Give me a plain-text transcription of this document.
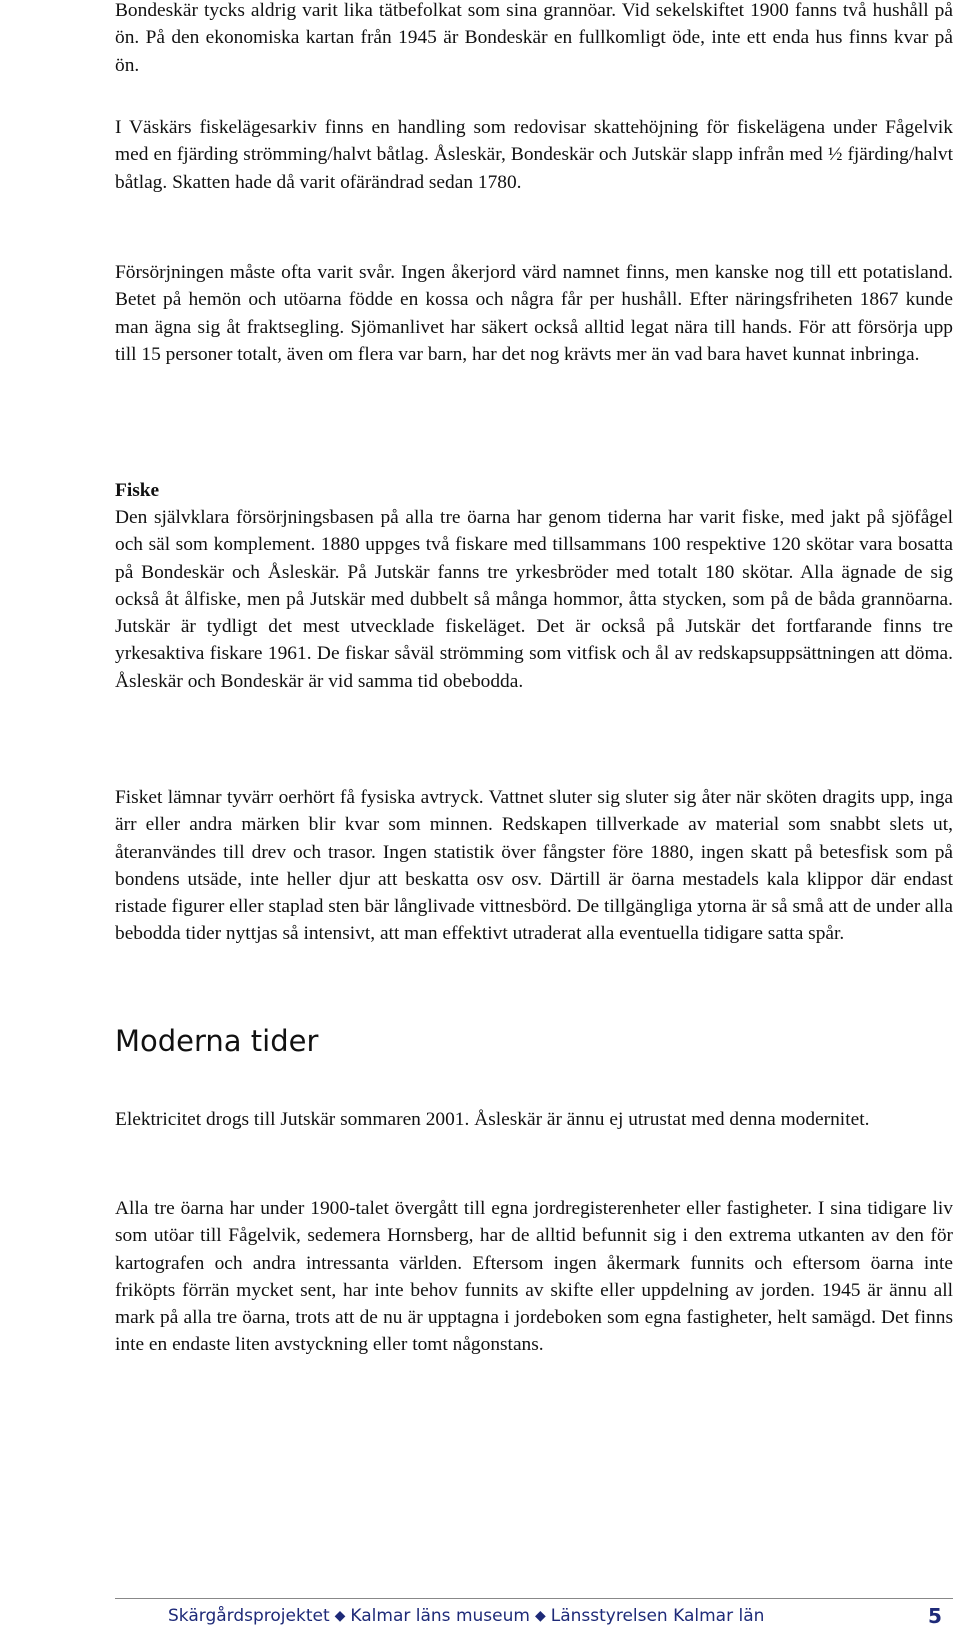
Bondeskär tycks aldrig varit lika tätbefolkat som sina grannöar. Vid sekelskiftet 1900 fanns två hushåll på ön. På den ekonomiska kartan från 1945 är Bondeskär en fullkomligt öde, inte ett enda hus finns kvar på ön.

I Väskärs fiskelägesarkiv finns en handling som redovisar skattehöjning för fiskelägena under Fågelvik med en fjärding strömming/halvt båtlag. Åsleskär, Bondeskär och Jutskär slapp infrån med ½ fjärding/halvt båtlag. Skatten hade då varit ofärändrad sedan 1780.

Försörjningen måste ofta varit svår. Ingen åkerjord värd namnet finns, men kanske nog till ett potatisland. Betet på hemön och utöarna födde en kossa och några får per hushåll. Efter näringsfriheten 1867 kunde man ägna sig åt fraktsegling. Sjömanlivet har säkert också alltid legat nära till hands. För att försörja upp till 15 personer totalt, även om flera var barn, har det nog krävts mer än vad bara havet kunnat inbringa.

Fiske

Den självklara försörjningsbasen på alla tre öarna har genom tiderna har varit fiske, med jakt på sjöfågel och säl som komplement. 1880 uppges två fiskare med tillsammans 100 respektive 120 skötar vara bosatta på Bondeskär och Åsleskär. På Jutskär fanns tre yrkesbröder med totalt 180 skötar. Alla ägnade de sig också åt ålfiske, men på Jutskär med dubbelt så många hommor, åtta stycken, som på de båda grannöarna. Jutskär är tydligt det mest utvecklade fiskeläget. Det är också på Jutskär det fortfarande finns tre yrkesaktiva fiskare 1961. De fiskar såväl strömming som vitfisk och ål av redskapsuppsättningen att döma. Åsleskär och Bondeskär är vid samma tid obebodda.

Fisket lämnar tyvärr oerhört få fysiska avtryck. Vattnet sluter sig sluter sig åter när sköten dragits upp, inga ärr eller andra märken blir kvar som minnen. Redskapen tillverkade av material som snabbt slets ut, återanvändes till drev och trasor. Ingen statistik över fångster före 1880, ingen skatt på betesfisk som på bondens utsäde, inte heller djur att beskatta osv osv. Därtill är öarna mestadels kala klippor där endast ristade figurer eller staplad sten bär långlivade vittnesbörd. De tillgängliga ytorna är så små att de under alla bebodda tider nyttjas så intensivt, att man effektivt utraderat alla eventuella tidigare satta spår.

Moderna tider

Elektricitet drogs till Jutskär sommaren 2001. Åsleskär är ännu ej utrustat med denna modernitet.

Alla tre öarna har under 1900-talet övergått till egna jordregisterenheter eller fastigheter. I sina tidigare liv som utöar till Fågelvik, sedemera Hornsberg, har de alltid befunnit sig i den extrema utkanten av den för kartografen och andra intressanta världen. Eftersom ingen åkermark funnits och eftersom öarna inte friköpts förrän mycket sent, har inte behov funnits av skifte eller uppdelning av jorden. 1945 är ännu all mark på alla tre öarna, trots att de nu är upptagna i jordeboken som egna fastigheter, helt samägd. Det finns inte en endaste liten avstyckning eller tomt någonstans.

Skärgårdsprojektet ◆ Kalmar läns museum ◆ Länsstyrelsen Kalmar län	5
